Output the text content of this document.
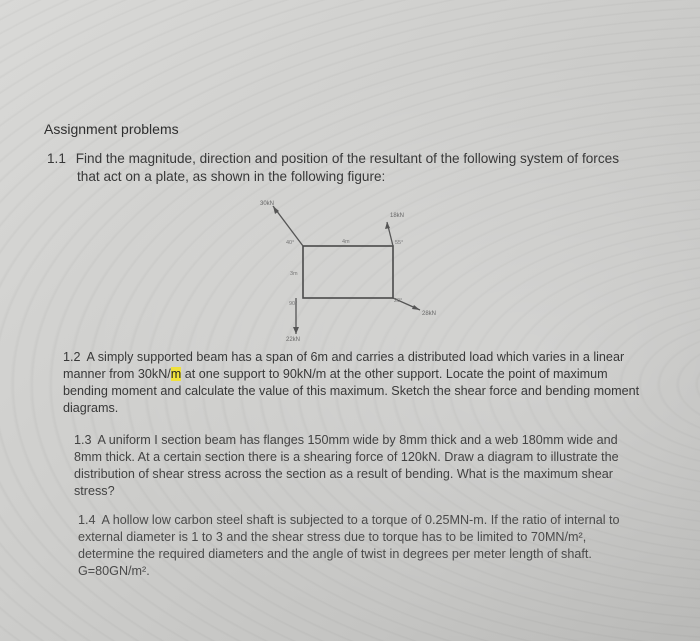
Assignment problems
1.1 Find the magnitude, direction and position of the resultant of the following system of forces
that act on a plate, as shown in the following figure:
30kN
40°
18kN
55°
28kN
20°
22kN
4m
3m
90°
1.2 A simply supported beam has a span of 6m and carries a distributed load which varies in a linear manner from 30kN/m at one support to 90kN/m at the other support. Locate the point of maximum bending moment and calculate the value of this maximum. Sketch the shear force and bending moment diagrams.
1.3 A uniform I section beam has flanges 150mm wide by 8mm thick and a web 180mm wide and 8mm thick. At a certain section there is a shearing force of 120kN. Draw a diagram to illustrate the distribution of shear stress across the section as a result of bending. What is the maximum shear stress?
1.4 A hollow low carbon steel shaft is subjected to a torque of 0.25MN-m. If the ratio of internal to external diameter is 1 to 3 and the shear stress due to torque has to be limited to 70MN/m², determine the required diameters and the angle of twist in degrees per meter length of shaft. G=80GN/m².
